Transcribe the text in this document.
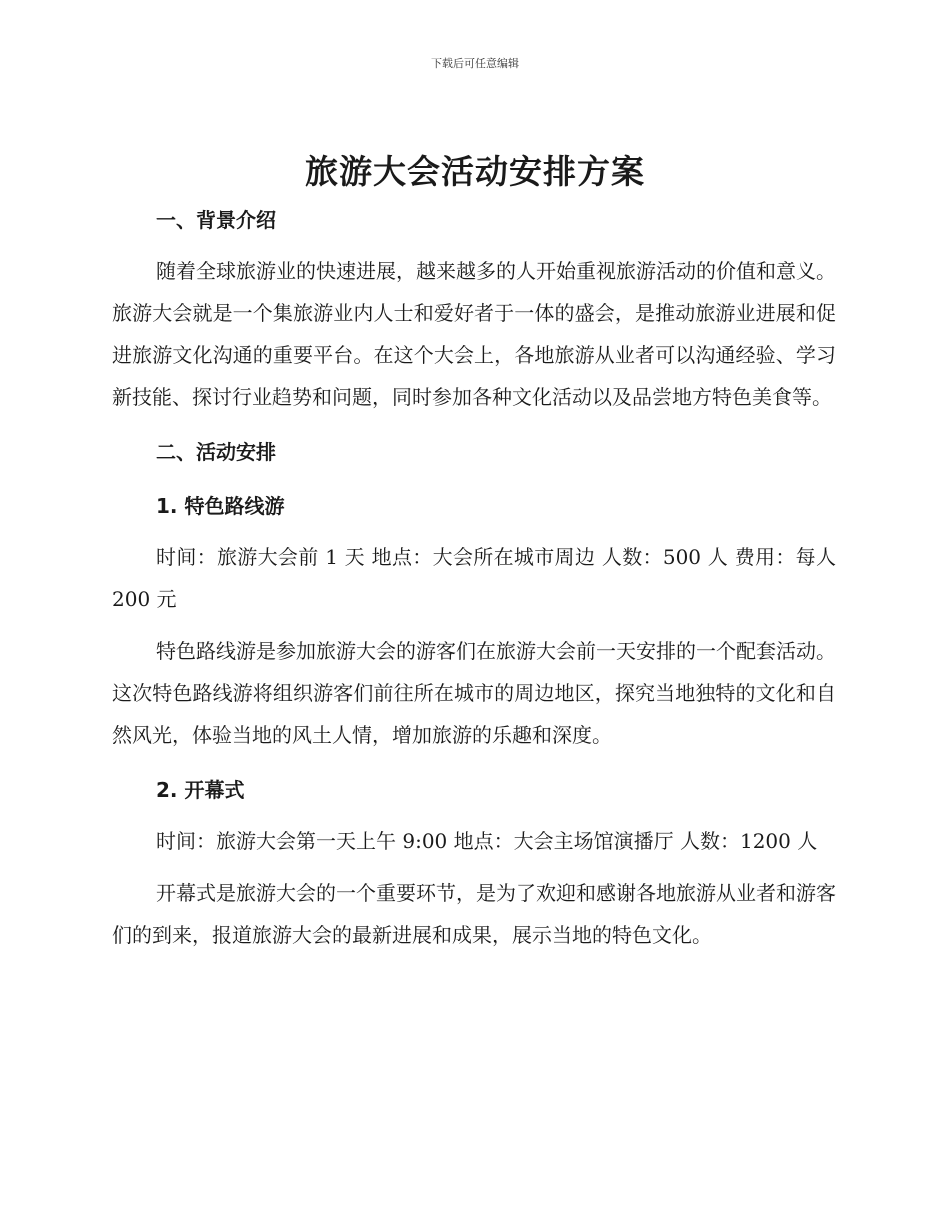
下载后可任意编辑
旅游大会活动安排方案

一、背景介绍

随着全球旅游业的快速进展，越来越多的人开始重视旅游活动的价值和意义。旅游大会就是一个集旅游业内人士和爱好者于一体的盛会，是推动旅游业进展和促进旅游文化沟通的重要平台。在这个大会上，各地旅游从业者可以沟通经验、学习新技能、探讨行业趋势和问题，同时参加各种文化活动以及品尝地方特色美食等。

二、活动安排

1. 特色路线游

时间：旅游大会前 1 天 地点：大会所在城市周边 人数：500 人 费用：每人 200 元

特色路线游是参加旅游大会的游客们在旅游大会前一天安排的一个配套活动。这次特色路线游将组织游客们前往所在城市的周边地区，探究当地独特的文化和自然风光，体验当地的风土人情，增加旅游的乐趣和深度。

2. 开幕式

时间：旅游大会第一天上午 9:00 地点：大会主场馆演播厅 人数：1200 人

开幕式是旅游大会的一个重要环节，是为了欢迎和感谢各地旅游从业者和游客们的到来，报道旅游大会的最新进展和成果，展示当地的特色文化。
